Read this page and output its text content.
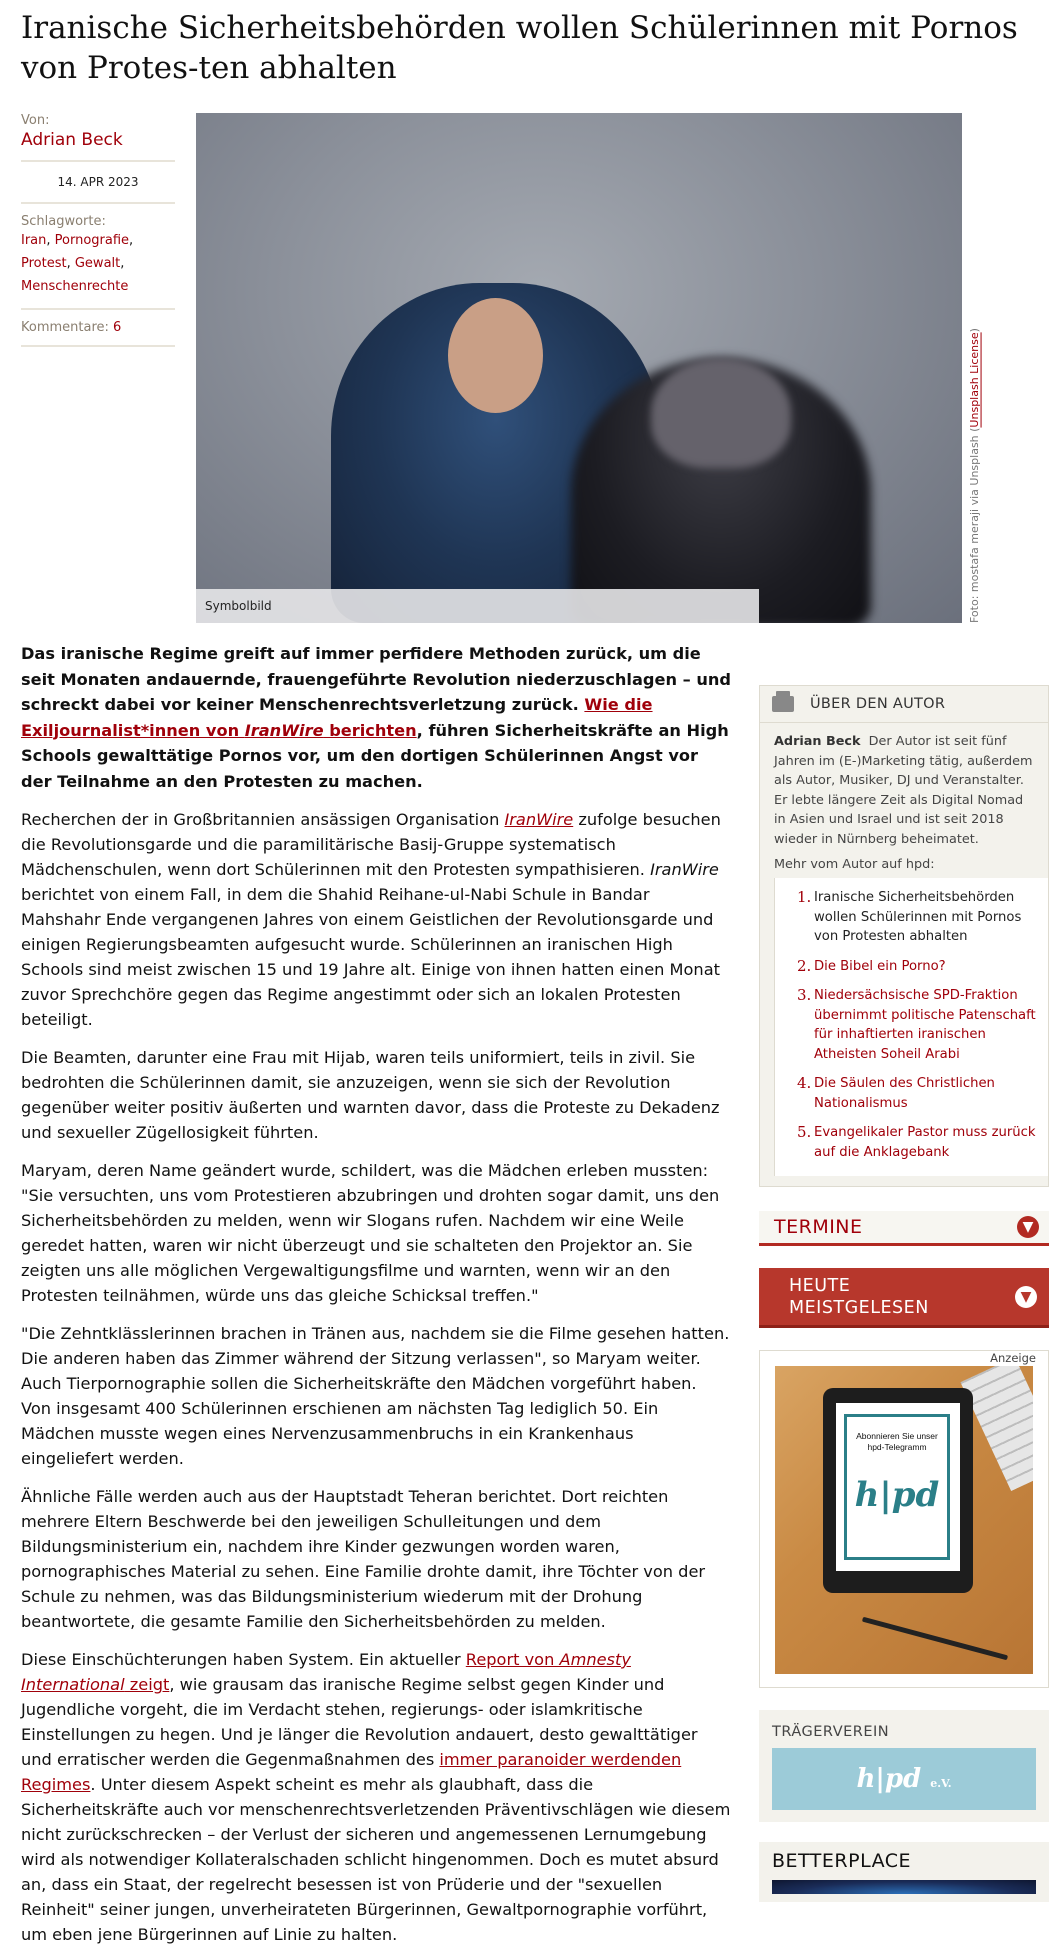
Iranische Sicherheitsbehörden wollen Schülerinnen mit Pornos von Protes-ten abhalten
Von:
Adrian Beck
14. APR 2023
Schlagworte:
Iran, Pornografie,
Protest, Gewalt,
Menschenrechte
Kommentare: 6
Symbolbild	Foto: mostafa meraji via Unsplash (Unsplash License)

Das iranische Regime greift auf immer perfidere Methoden zurück, um die seit Monaten andauernde, frauengeführte Revolution niederzuschlagen – und schreckt dabei vor keiner Menschenrechtsverletzung zurück. Wie die Exiljournalist*innen von IranWire berichten, führen Sicherheitskräfte an High Schools gewalttätige Pornos vor, um den dortigen Schülerinnen Angst vor der Teilnahme an den Protesten zu machen.

Recherchen der in Großbritannien ansässigen Organisation IranWire zufolge besuchen die Revolutionsgarde und die paramilitärische Basij-Gruppe systematisch Mädchenschulen, wenn dort Schülerinnen mit den Protesten sympathisieren. IranWire berichtet von einem Fall, in dem die Shahid Reihane-ul-Nabi Schule in Bandar Mahshahr Ende vergangenen Jahres von einem Geistlichen der Revolutionsgarde und einigen Regierungsbeamten aufgesucht wurde. Schülerinnen an iranischen High Schools sind meist zwischen 15 und 19 Jahre alt. Einige von ihnen hatten einen Monat zuvor Sprechchöre gegen das Regime angestimmt oder sich an lokalen Protesten beteiligt.

Die Beamten, darunter eine Frau mit Hijab, waren teils uniformiert, teils in zivil. Sie bedrohten die Schülerinnen damit, sie anzuzeigen, wenn sie sich der Revolution gegenüber weiter positiv äußerten und warnten davor, dass die Proteste zu Dekadenz und sexueller Zügellosigkeit führten.

Maryam, deren Name geändert wurde, schildert, was die Mädchen erleben mussten: "Sie versuchten, uns vom Protestieren abzubringen und drohten sogar damit, uns den Sicherheitsbehörden zu melden, wenn wir Slogans rufen. Nachdem wir eine Weile geredet hatten, waren wir nicht überzeugt und sie schalteten den Projektor an. Sie zeigten uns alle möglichen Vergewaltigungsfilme und warnten, wenn wir an den Protesten teilnähmen, würde uns das gleiche Schicksal treffen."

"Die Zehntklässlerinnen brachen in Tränen aus, nachdem sie die Filme gesehen hatten. Die anderen haben das Zimmer während der Sitzung verlassen", so Maryam weiter. Auch Tierpornographie sollen die Sicherheitskräfte den Mädchen vorgeführt haben. Von insgesamt 400 Schülerinnen erschienen am nächsten Tag lediglich 50. Ein Mädchen musste wegen eines Nervenzusammenbruchs in ein Krankenhaus eingeliefert werden.

Ähnliche Fälle werden auch aus der Hauptstadt Teheran berichtet. Dort reichten mehrere Eltern Beschwerde bei den jeweiligen Schulleitungen und dem Bildungsministerium ein, nachdem ihre Kinder gezwungen worden waren, pornographisches Material zu sehen. Eine Familie drohte damit, ihre Töchter von der Schule zu nehmen, was das Bildungsministerium wiederum mit der Drohung beantwortete, die gesamte Familie den Sicherheitsbehörden zu melden.

Diese Einschüchterungen haben System. Ein aktueller Report von Amnesty International zeigt, wie grausam das iranische Regime selbst gegen Kinder und Jugendliche vorgeht, die im Verdacht stehen, regierungs- oder islamkritische Einstellungen zu hegen. Und je länger die Revolution andauert, desto gewalttätiger und erratischer werden die Gegenmaßnahmen des immer paranoider werdenden Regimes. Unter diesem Aspekt scheint es mehr als glaubhaft, dass die Sicherheitskräfte auch vor menschenrechtsverletzenden Präventivschlägen wie diesem nicht zurückschrecken – der Verlust der sicheren und angemessenen Lernumgebung wird als notwendiger Kollateralschaden schlicht hingenommen. Doch es mutet absurd an, dass ein Staat, der regelrecht besessen ist von Prüderie und der "sexuellen Reinheit" seiner jungen, unverheirateten Bürgerinnen, Gewaltpornographie vorführt, um eben jene Bürgerinnen auf Linie zu halten.

ÜBER DEN AUTOR
Adrian Beck Der Autor ist seit fünf Jahren im (E-)Marketing tätig, außerdem als Autor, Musiker, DJ und Veranstalter. Er lebte längere Zeit als Digital Nomad in Asien und Israel und ist seit 2018 wieder in Nürnberg beheimatet.
Mehr vom Autor auf hpd:
Iranische Sicherheitsbehörden wollen Schülerinnen mit Pornos von Protesten abhalten
Die Bibel ein Porno?
Niedersächsische SPD-Fraktion übernimmt politische Patenschaft für inhaftierten iranischen Atheisten Soheil Arabi
Die Säulen des Christlichen Nationalismus
Evangelikaler Pastor muss zurück auf die Anklagebank
TERMINE	▼
HEUTE
MEISTGELESEN
▼
Anzeige
Abonnieren Sie unser
hpd-Telegramm
h|pd
TRÄGERVEREIN
h|pd e.V.
BETTERPLACE
